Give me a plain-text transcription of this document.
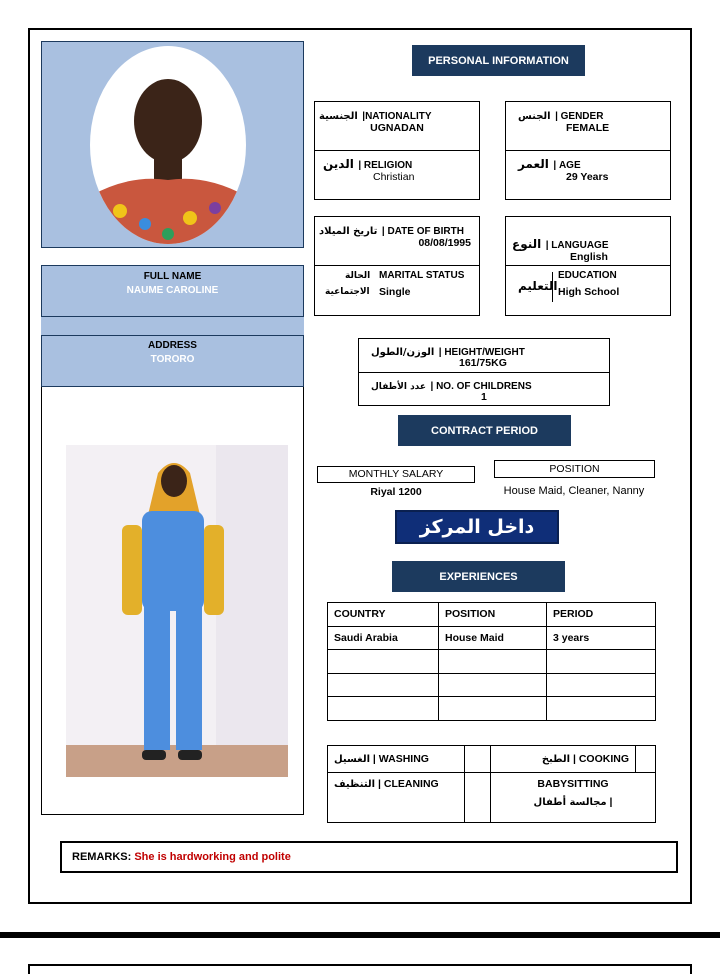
FULL NAME
NAUME CAROLINE
ADDRESS
TORORO
PERSONAL INFORMATION
الجنسية |NATIONALITY
UGNADAN
الجنس | GENDER
FEMALE
الدين | RELIGION
Christian
العمر | AGE
29 Years
تاريخ الميلاد | DATE OF BIRTH
08/08/1995
الحالة
الاجتماعية
MARITAL STATUS
Single
النوع | LANGUAGE
English
التعليم
EDUCATION
High School
الوزن/الطول | HEIGHT/WEIGHT
161/75KG
عدد الأطفال | NO. OF CHILDRENS
1
CONTRACT PERIOD
MONTHLY SALARY
Riyal 1200
POSITION
House Maid, Cleaner, Nanny
داخل المركز
EXPERIENCES
COUNTRY	POSITION	PERIOD
Saudi Arabia	House Maid	3 years

الغسيل | WASHING		الطبخ | COOKING	
التنظيف | CLEANING		BABYSITTING
مجالسة أطفال |	
REMARKS: She is hardworking and polite
